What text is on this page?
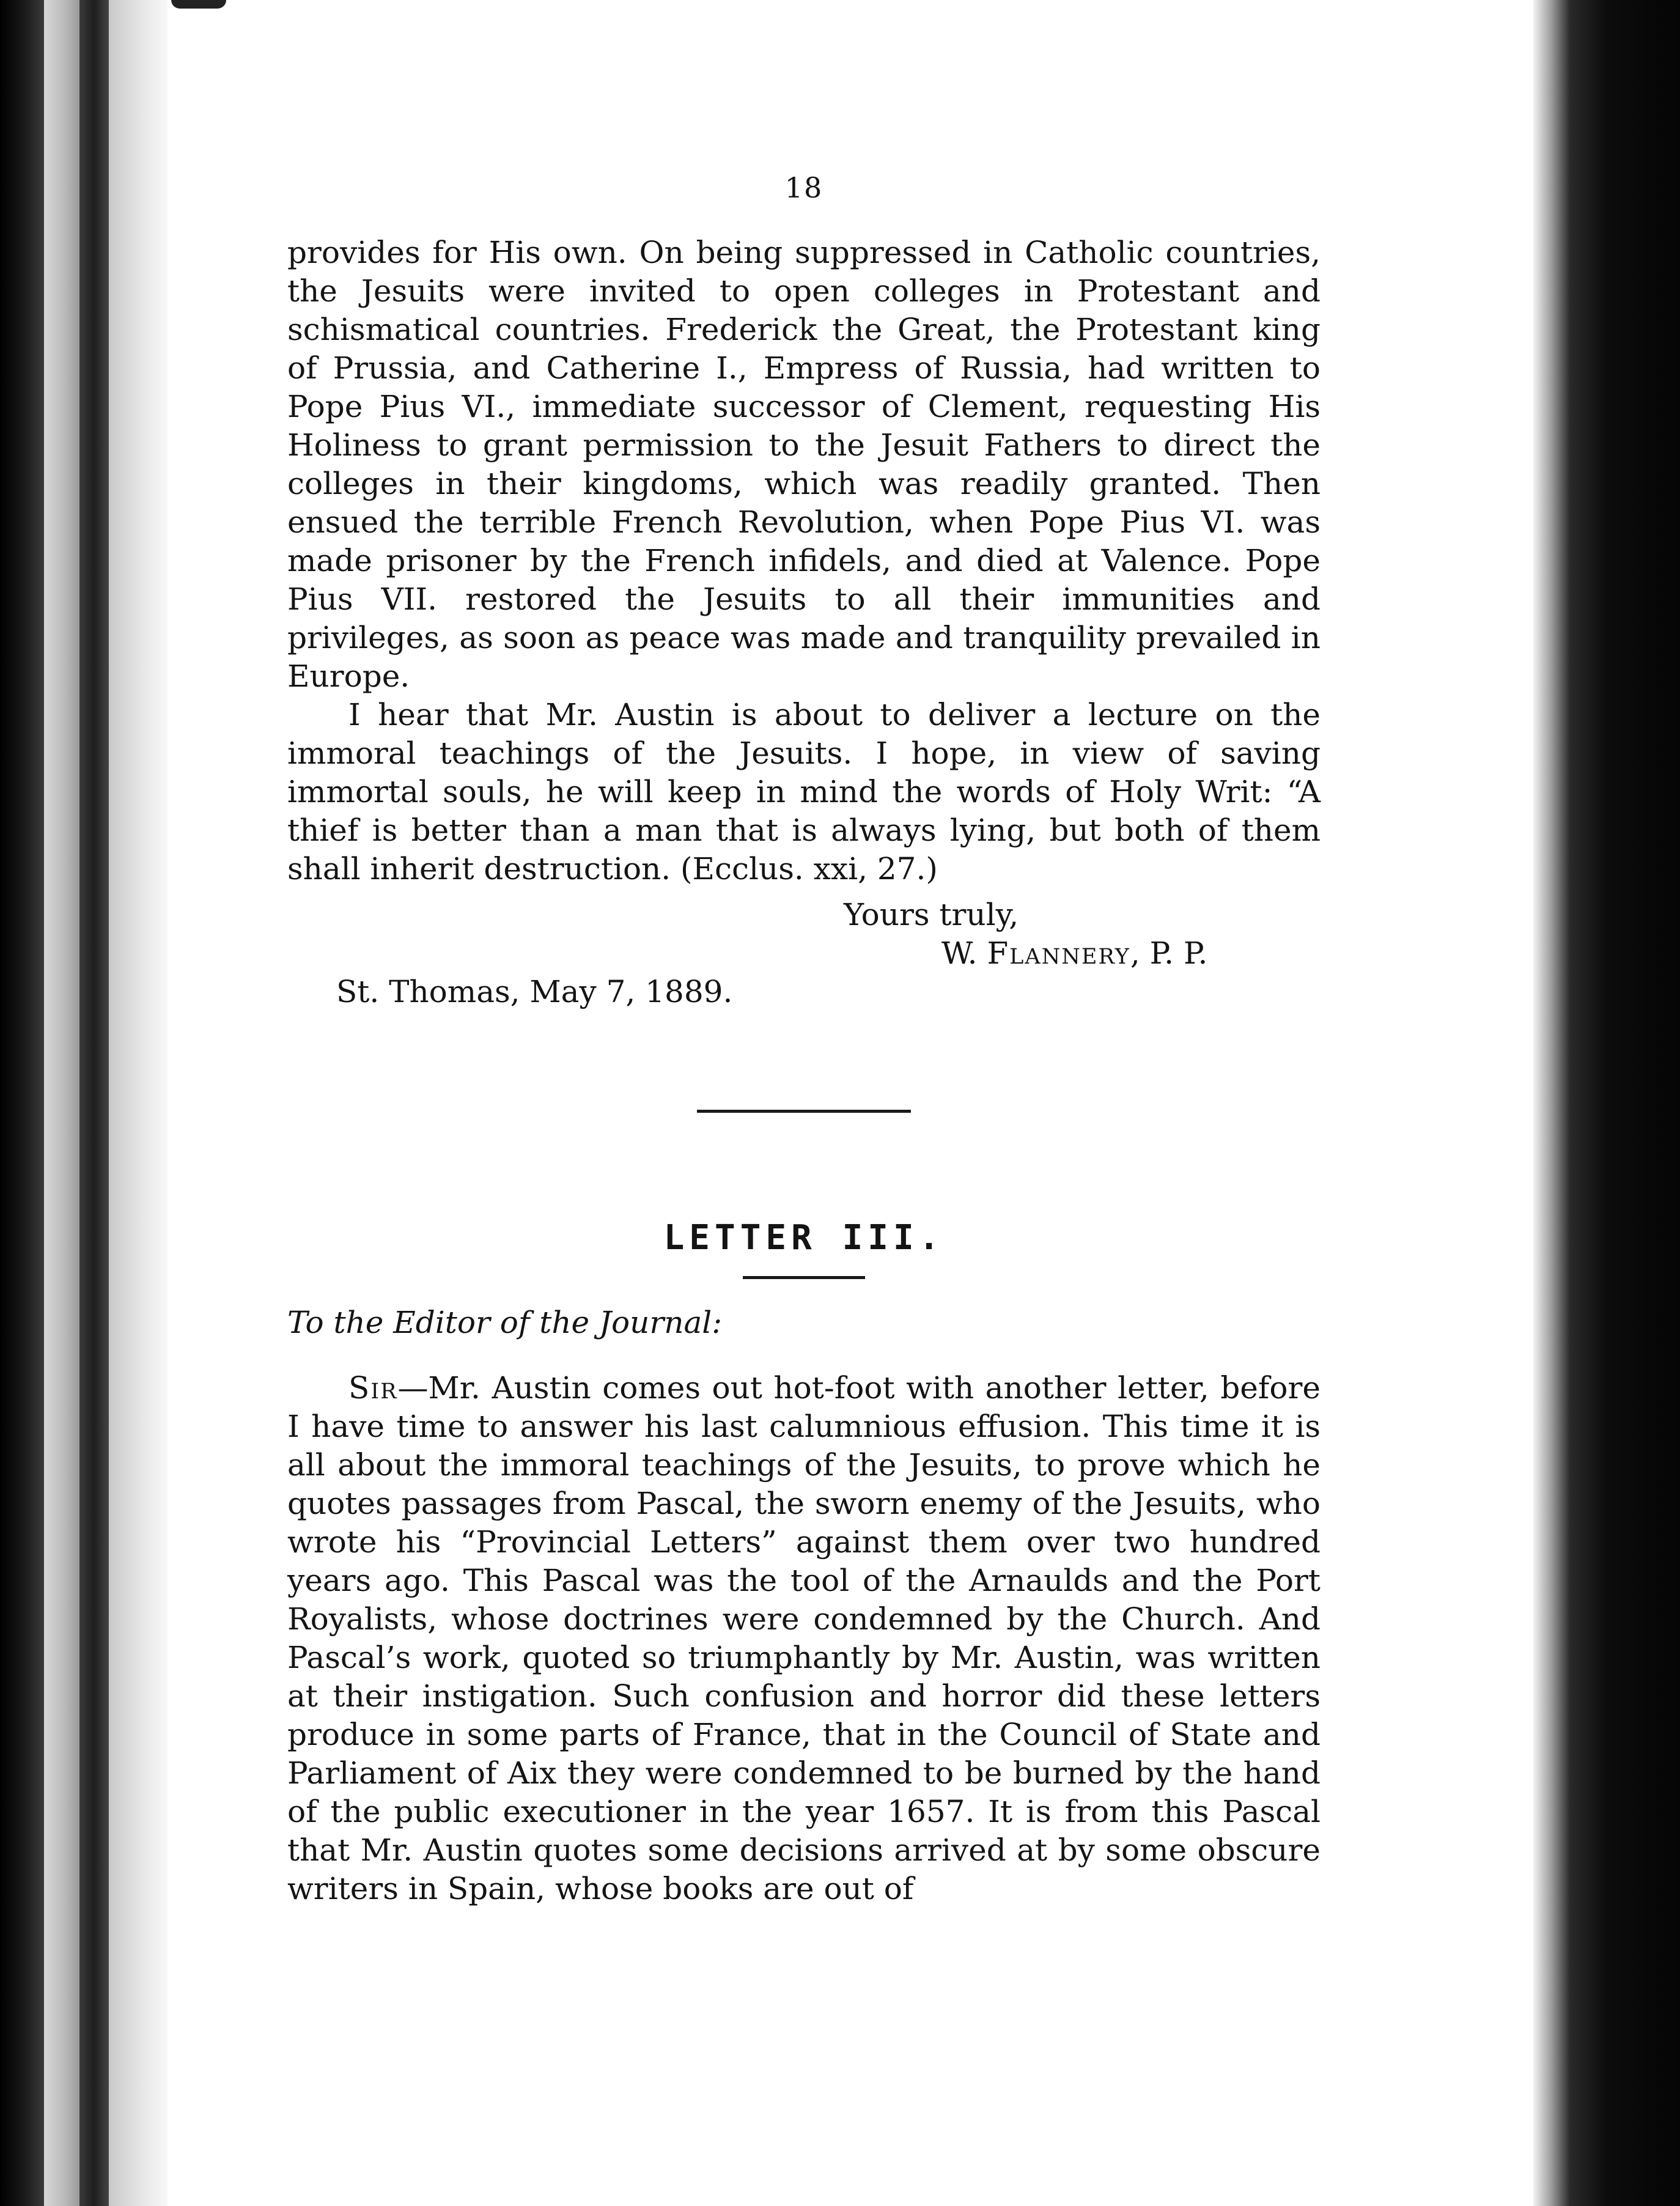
18

provides for His own. On being suppressed in Catholic countries, the Jesuits were invited to open colleges in Protestant and schismatical countries. Frederick the Great, the Protestant king of Prussia, and Catherine I., Empress of Russia, had written to Pope Pius VI., immediate successor of Clement, requesting His Holiness to grant permission to the Jesuit Fathers to direct the colleges in their kingdoms, which was readily granted. Then ensued the terrible French Revolution, when Pope Pius VI. was made prisoner by the French infidels, and died at Valence. Pope Pius VII. restored the Jesuits to all their immunities and privileges, as soon as peace was made and tranquility prevailed in Europe.

I hear that Mr. Austin is about to deliver a lecture on the immoral teachings of the Jesuits. I hope, in view of saving immortal souls, he will keep in mind the words of Holy Writ: “A thief is better than a man that is always lying, but both of them shall inherit destruction. (Ecclus. xxi, 27.)

Yours truly,
W. Flannery, P. P.
St. Thomas, May 7, 1889.
LETTER III.
To the Editor of the Journal:

Sir—Mr. Austin comes out hot-foot with another letter, before I have time to answer his last calumnious effusion. This time it is all about the immoral teachings of the Jesuits, to prove which he quotes passages from Pascal, the sworn enemy of the Jesuits, who wrote his “Provincial Letters” against them over two hundred years ago. This Pascal was the tool of the Arnaulds and the Port Royalists, whose doctrines were condemned by the Church. And Pascal’s work, quoted so triumphantly by Mr. Austin, was written at their instigation. Such confusion and horror did these letters produce in some parts of France, that in the Council of State and Parliament of Aix they were condemned to be burned by the hand of the public executioner in the year 1657. It is from this Pascal that Mr. Austin quotes some decisions arrived at by some obscure writers in Spain, whose books are out of
